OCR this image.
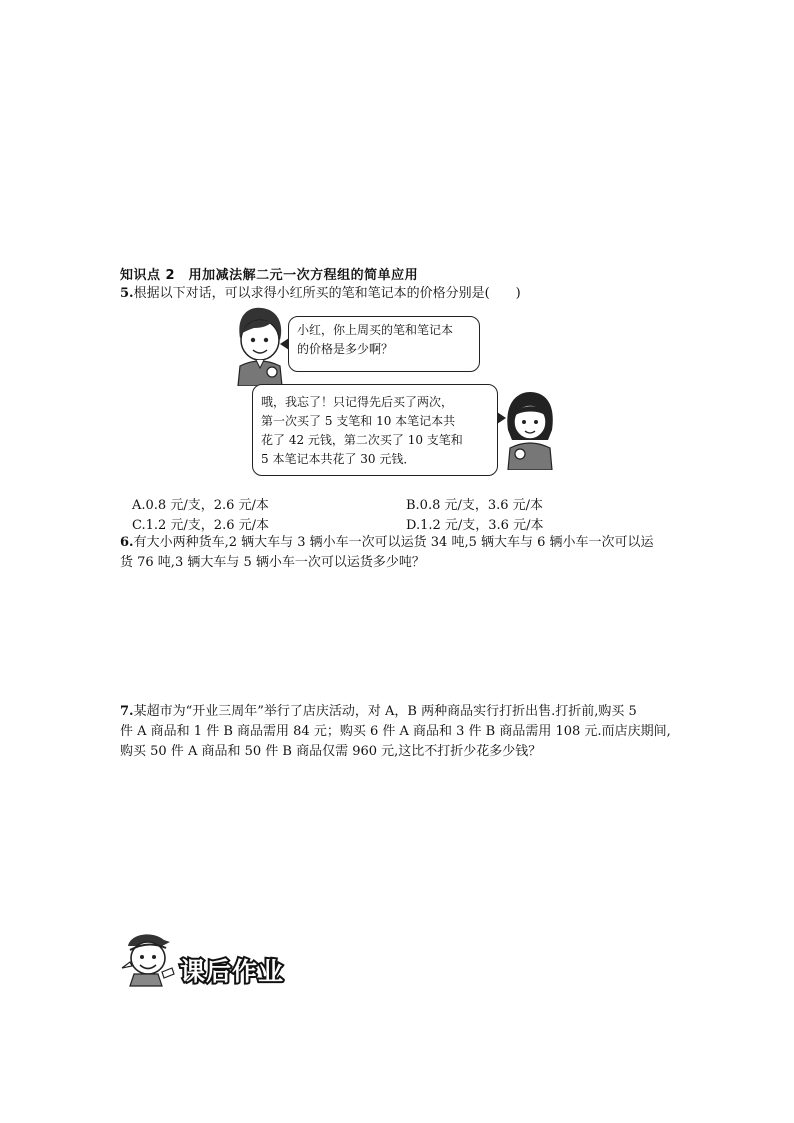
知识点 2　用加减法解二元一次方程组的简单应用
5.根据以下对话，可以求得小红所买的笔和笔记本的价格分别是(　　)
小红，你上周买的笔和笔记本
的价格是多少啊？
哦，我忘了！只记得先后买了两次，
第一次买了 5 支笔和 10 本笔记本共
花了 42 元钱，第二次买了 10 支笔和
5 本笔记本共花了 30 元钱．
A.0.8 元/支，2.6 元/本	B.0.8 元/支，3.6 元/本
C.1.2 元/支，2.6 元/本	D.1.2 元/支，3.6 元/本
6.有大小两种货车,2 辆大车与 3 辆小车一次可以运货 34 吨,5 辆大车与 6 辆小车一次可以运
货 76 吨,3 辆大车与 5 辆小车一次可以运货多少吨？
7.某超市为“开业三周年”举行了店庆活动，对 A，B 两种商品实行打折出售.打折前,购买 5
件 A 商品和 1 件 B 商品需用 84 元；购买 6 件 A 商品和 3 件 B 商品需用 108 元.而店庆期间,
购买 50 件 A 商品和 50 件 B 商品仅需 960 元,这比不打折少花多少钱？
课后作业
